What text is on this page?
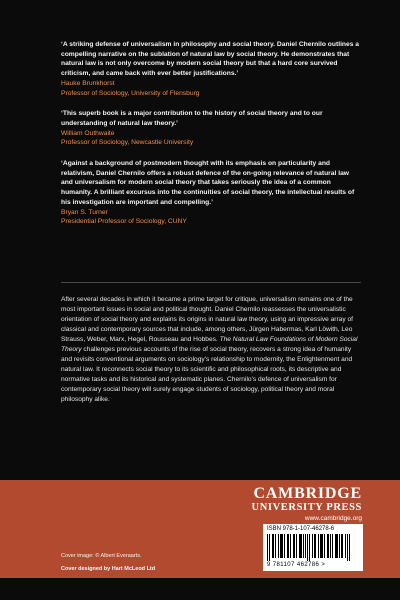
‘A striking defense of universalism in philosophy and social theory. Daniel Chernilo outlines a compelling narrative on the sublation of natural law by social theory. He demonstrates that natural law is not only overcome by modern social theory but that a hard core survived criticism, and came back with ever better justifications.’

Hauke Brunkhorst

Professor of Sociology, University of Flensburg

‘This superb book is a major contribution to the history of social theory and to our understanding of natural law theory.’

William Outhwaite

Professor of Sociology, Newcastle University

‘Against a background of postmodern thought with its emphasis on particularity and relativism, Daniel Chernilo offers a robust defence of the on-going relevance of natural law and universalism for modern social theory that takes seriously the idea of a common humanity. A brilliant excursus into the continuities of social theory, the intellectual results of his investigation are important and compelling.’

Bryan S. Turner

Presidential Professor of Sociology, CUNY

After several decades in which it became a prime target for critique, universalism remains one of the most important issues in social and political thought. Daniel Chernilo reassesses the universalistic orientation of social theory and explains its origins in natural law theory, using an impressive array of classical and contemporary sources that include, among others, Jürgen Habermas, Karl Löwith, Leo Strauss, Weber, Marx, Hegel, Rousseau and Hobbes. The Natural Law Foundations of Modern Social Theory challenges previous accounts of the rise of social theory, recovers a strong idea of humanity and revisits conventional arguments on sociology’s relationship to modernity, the Enlightenment and natural law. It reconnects social theory to its scientific and philosophical roots, its descriptive and normative tasks and its historical and systematic planes. Chernilo’s defence of universalism for contemporary social theory will surely engage students of sociology, political theory and moral philosophy alike.

CAMBRIDGE
UNIVERSITY PRESS
www.cambridge.org
Cover image: © Albert Everaarts.
Cover designed by Hart McLeod Ltd
ISBN 978-1-107-46278-6
9 781107 462786 >
